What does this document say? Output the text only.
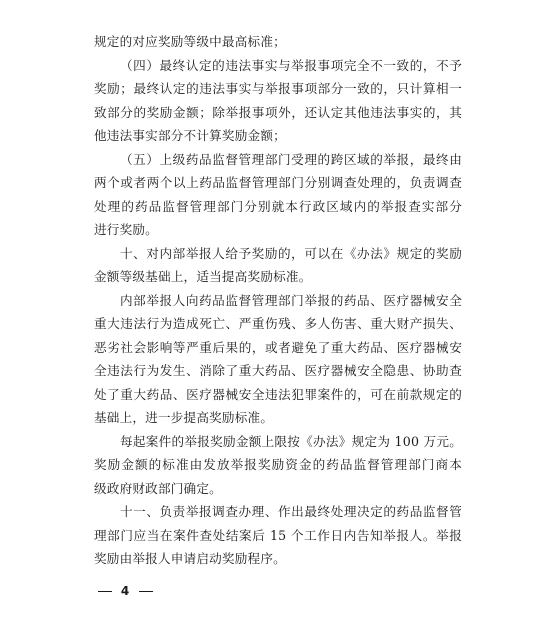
规定的对应奖励等级中最高标准；
（四）最终认定的违法事实与举报事项完全不一致的，不予
奖励；最终认定的违法事实与举报事项部分一致的，只计算相一
致部分的奖励金额；除举报事项外，还认定其他违法事实的，其
他违法事实部分不计算奖励金额；
（五）上级药品监督管理部门受理的跨区域的举报，最终由
两个或者两个以上药品监督管理部门分别调查处理的，负责调查
处理的药品监督管理部门分别就本行政区域内的举报查实部分
进行奖励。
十、对内部举报人给予奖励的，可以在《办法》规定的奖励
金额等级基础上，适当提高奖励标准。
内部举报人向药品监督管理部门举报的药品、医疗器械安全
重大违法行为造成死亡、严重伤残、多人伤害、重大财产损失、
恶劣社会影响等严重后果的，或者避免了重大药品、医疗器械安
全违法行为发生、消除了重大药品、医疗器械安全隐患、协助查
处了重大药品、医疗器械安全违法犯罪案件的，可在前款规定的
基础上，进一步提高奖励标准。
每起案件的举报奖励金额上限按《办法》规定为 100 万元。
奖励金额的标准由发放举报奖励资金的药品监督管理部门商本
级政府财政部门确定。
十一、负责举报调查办理、作出最终处理决定的药品监督管
理部门应当在案件查处结案后 15 个工作日内告知举报人。举报
奖励由举报人申请启动奖励程序。
4
